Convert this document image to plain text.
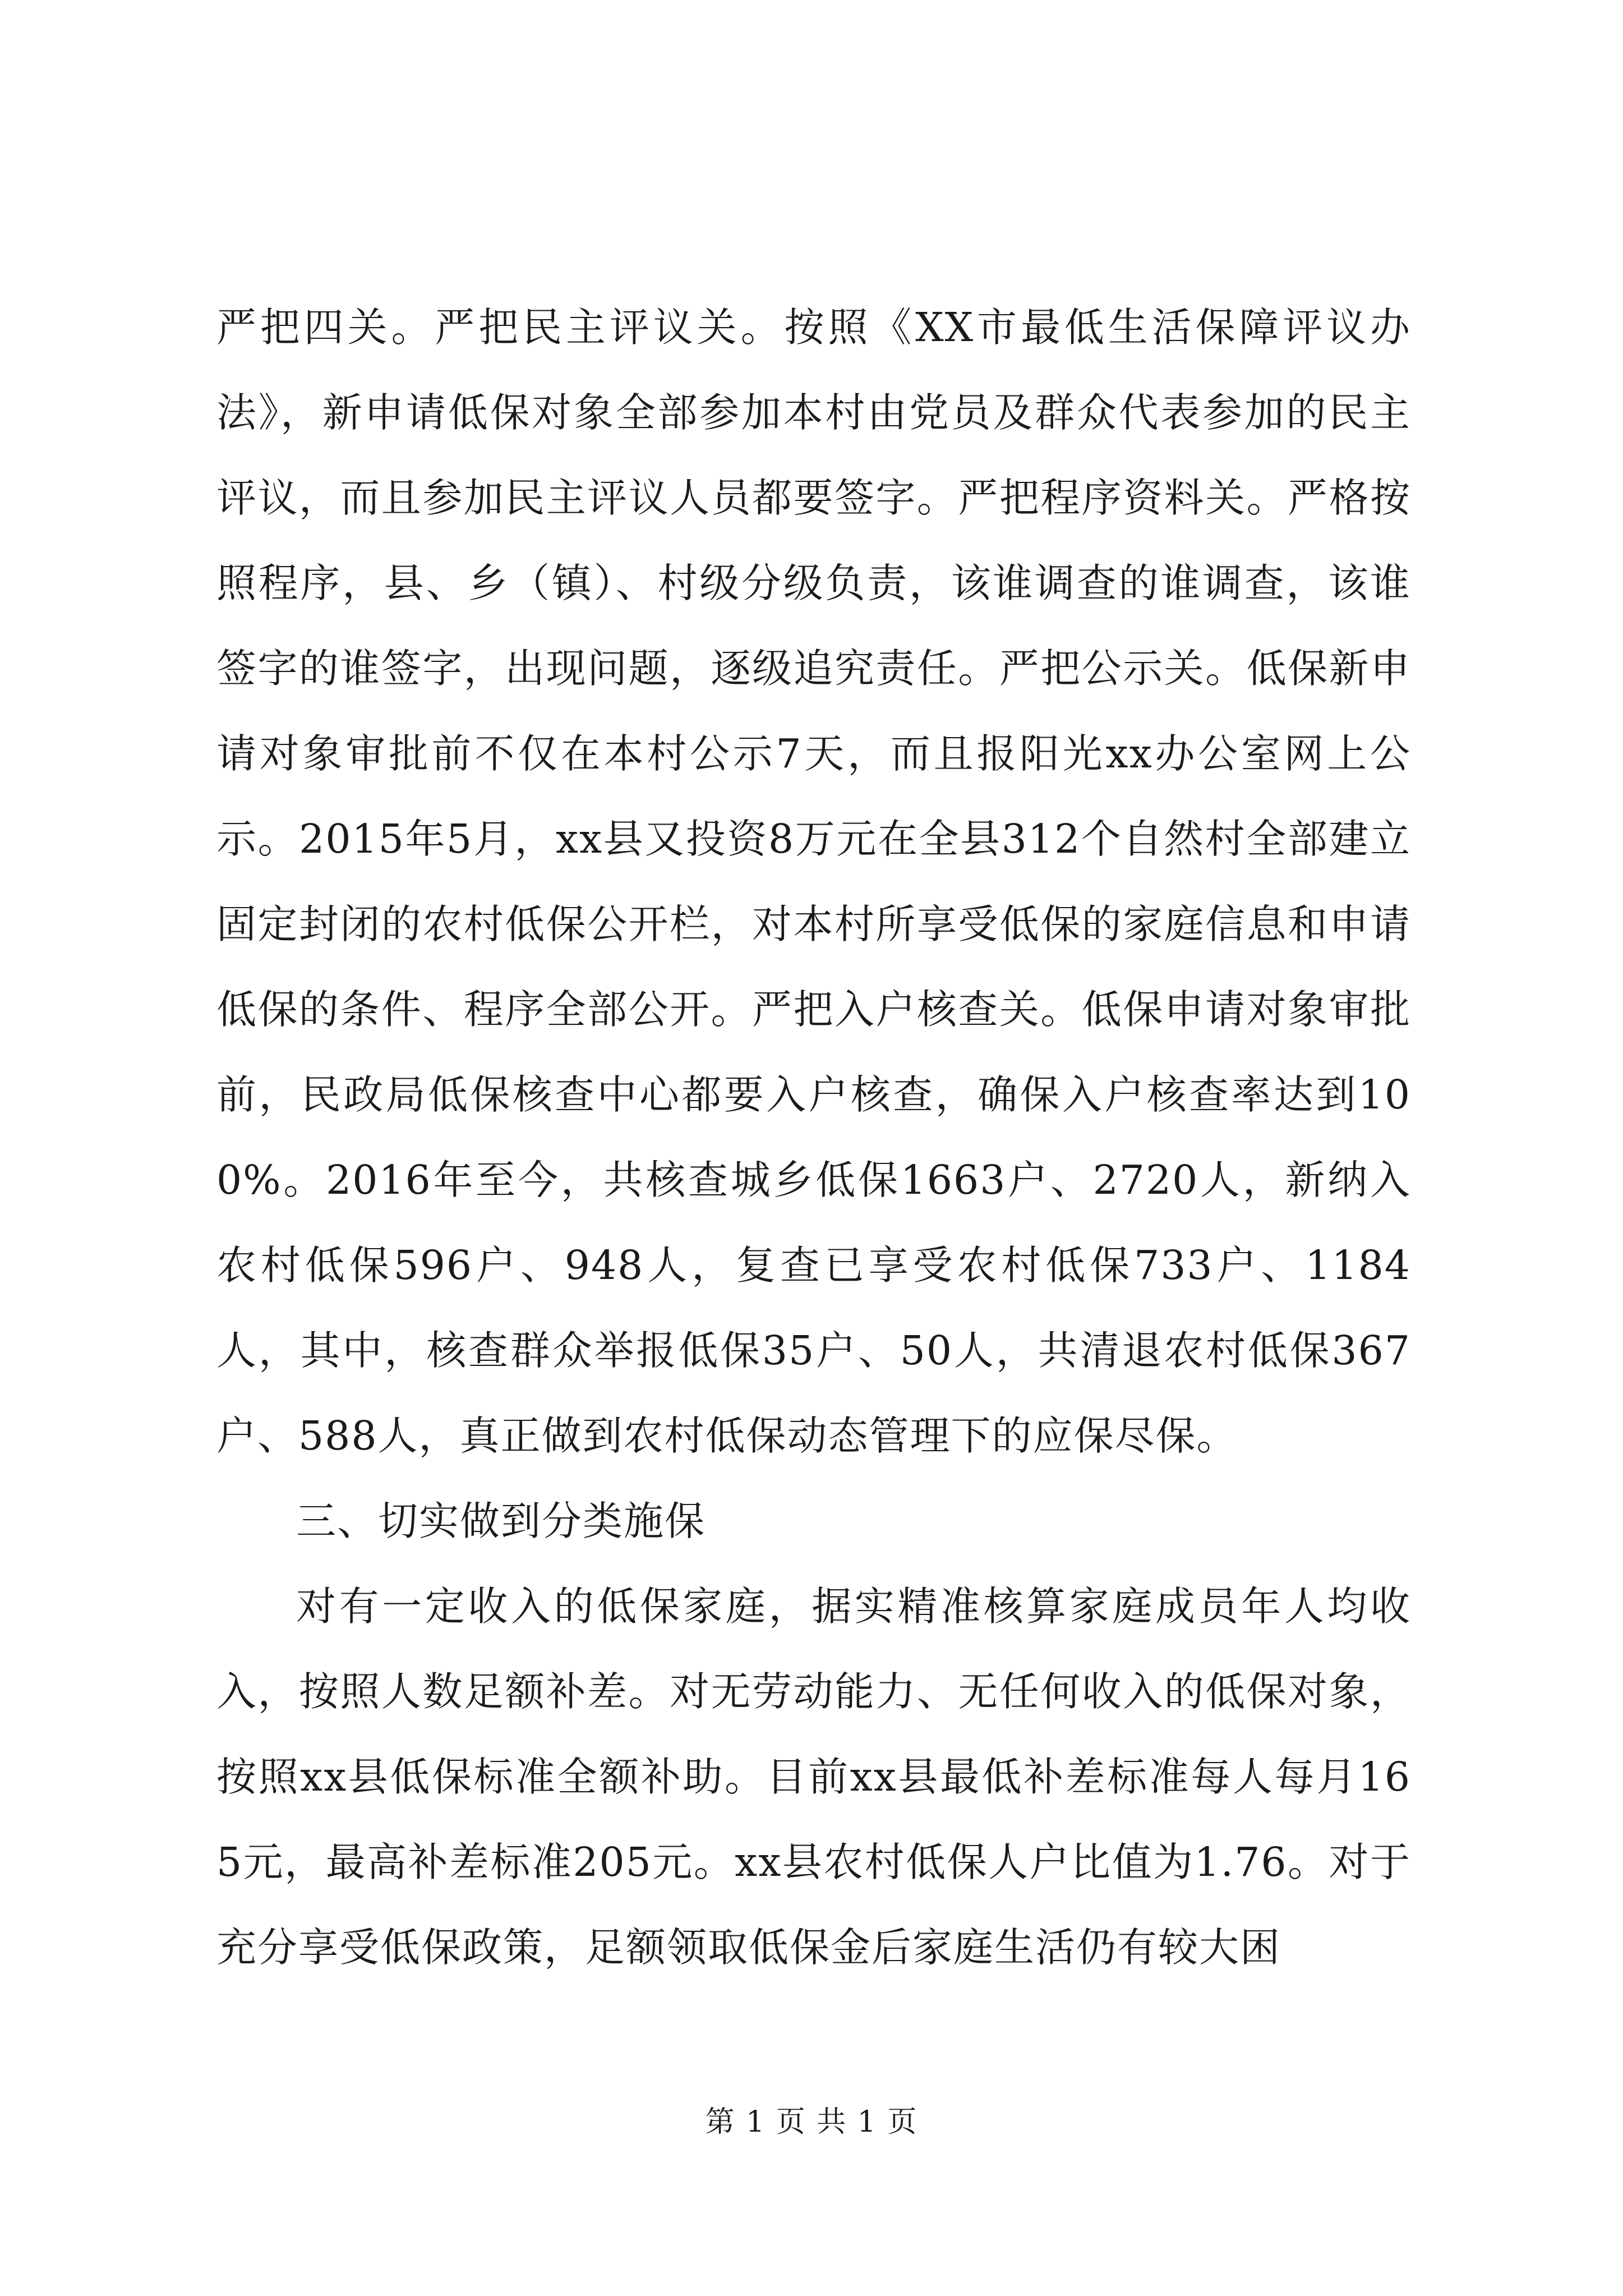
严把四关。严把民主评议关。按照《XX市最低生活保障评议办法》，新申请低保对象全部参加本村由党员及群众代表参加的民主评议，而且参加民主评议人员都要签字。严把程序资料关。严格按照程序，县、乡（镇）、村级分级负责，该谁调查的谁调查，该谁签字的谁签字，出现问题，逐级追究责任。严把公示关。低保新申请对象审批前不仅在本村公示7天，而且报阳光xx办公室网上公示。2015年5月，xx县又投资8万元在全县312个自然村全部建立固定封闭的农村低保公开栏，对本村所享受低保的家庭信息和申请低保的条件、程序全部公开。严把入户核查关。低保申请对象审批前，民政局低保核查中心都要入户核查，确保入户核查率达到100%。2016年至今，共核查城乡低保1663户、2720人，新纳入农村低保596户、948人，复查已享受农村低保733户、1184人，其中，核查群众举报低保35户、50人，共清退农村低保367户、588人，真正做到农村低保动态管理下的应保尽保。

三、切实做到分类施保

对有一定收入的低保家庭，据实精准核算家庭成员年人均收入，按照人数足额补差。对无劳动能力、无任何收入的低保对象，按照xx县低保标准全额补助。目前xx县最低补差标准每人每月165元，最高补差标准205元。xx县农村低保人户比值为1.76。对于充分享受低保政策，足额领取低保金后家庭生活仍有较大困

第 1 页 共 1 页
